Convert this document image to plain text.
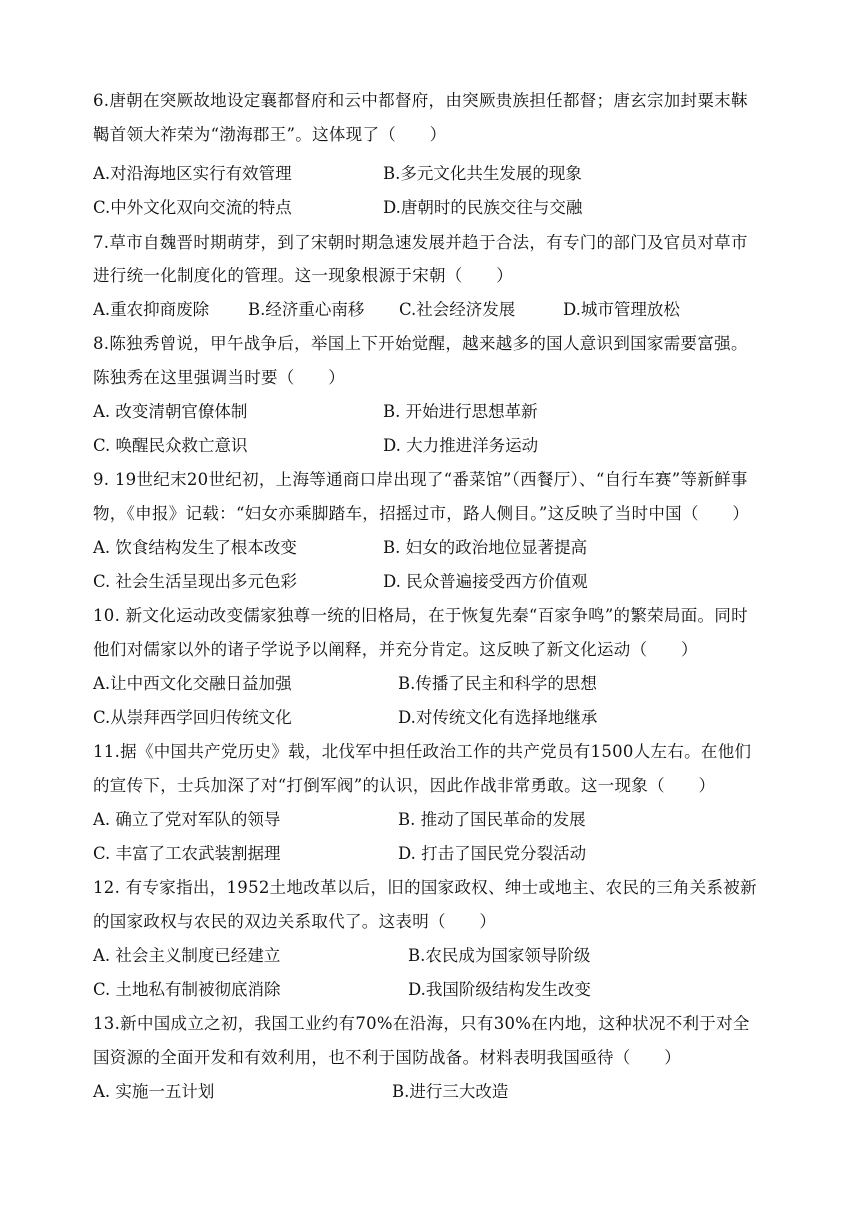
6.唐朝在突厥故地设定襄都督府和云中都督府，由突厥贵族担任都督；唐玄宗加封粟末靺
鞨首领大祚荣为“渤海郡王”。这体现了（　　）
A.对沿海地区实行有效管理	B.多元文化共生发展的现象
C.中外文化双向交流的特点	D.唐朝时的民族交往与交融
7.草市自魏晋时期萌芽，到了宋朝时期急速发展并趋于合法，有专门的部门及官员对草市
进行统一化制度化的管理。这一现象根源于宋朝（　　）
A.重农抑商废除 B.经济重心南移 C.社会经济发展	D.城市管理放松
8.陈独秀曾说，甲午战争后，举国上下开始觉醒，越来越多的国人意识到国家需要富强。
陈独秀在这里强调当时要（　　）
A. 改变清朝官僚体制	B. 开始进行思想革新
C. 唤醒民众救亡意识	D. 大力推进洋务运动
9. 19世纪末20世纪初，上海等通商口岸出现了“番菜馆”（西餐厅）、“自行车赛”等新鲜事
物，《申报》记载：“妇女亦乘脚踏车，招摇过市，路人侧目。”这反映了当时中国（　　）
A. 饮食结构发生了根本改变	B. 妇女的政治地位显著提高
C. 社会生活呈现出多元色彩	D. 民众普遍接受西方价值观
10. 新文化运动改变儒家独尊一统的旧格局，在于恢复先秦“百家争鸣”的繁荣局面。同时
他们对儒家以外的诸子学说予以阐释，并充分肯定。这反映了新文化运动（　　）
A.让中西文化交融日益加强	B.传播了民主和科学的思想
C.从崇拜西学回归传统文化	D.对传统文化有选择地继承
11.据《中国共产党历史》载，北伐军中担任政治工作的共产党员有1500人左右。在他们
的宣传下，士兵加深了对“打倒军阀”的认识，因此作战非常勇敢。这一现象（　　）
A. 确立了党对军队的领导	B. 推动了国民革命的发展
C. 丰富了工农武装割据理	D. 打击了国民党分裂活动
12. 有专家指出，1952土地改革以后，旧的国家政权、绅士或地主、农民的三角关系被新
的国家政权与农民的双边关系取代了。这表明（　　）
A. 社会主义制度已经建立	B.农民成为国家领导阶级
C. 土地私有制被彻底消除	D.我国阶级结构发生改变
13.新中国成立之初，我国工业约有70%在沿海，只有30%在内地，这种状况不利于对全
国资源的全面开发和有效利用，也不利于国防战备。材料表明我国亟待（　　）
A. 实施一五计划	B.进行三大改造
